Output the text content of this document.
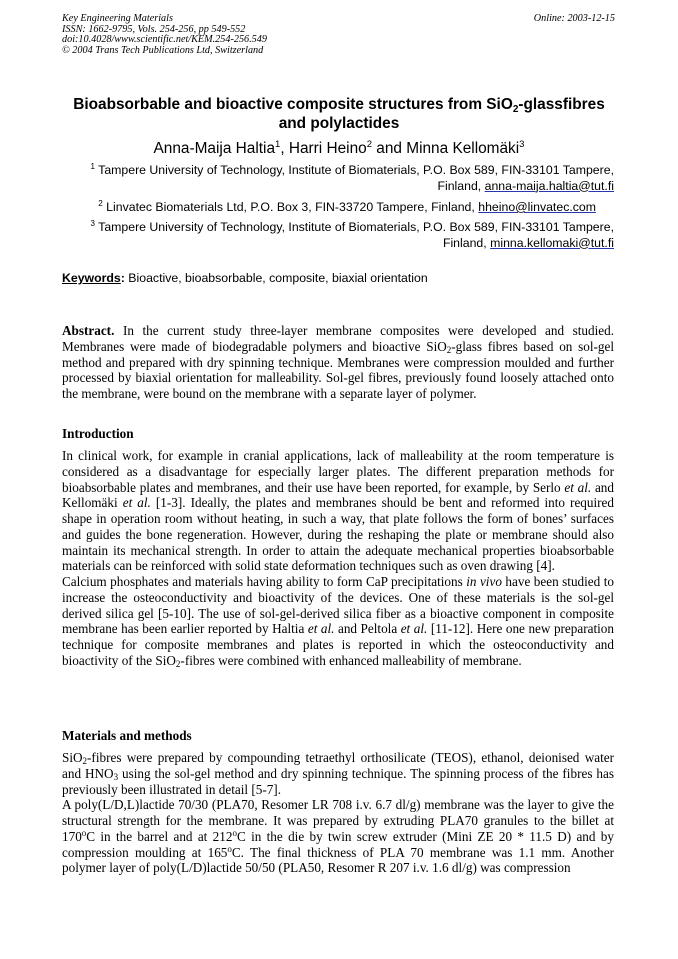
Key Engineering Materials
ISSN: 1662-9795, Vols. 254-256, pp 549-552
doi:10.4028/www.scientific.net/KEM.254-256.549
© 2004 Trans Tech Publications Ltd, Switzerland
Online: 2003-12-15
Bioabsorbable and bioactive composite structures from SiO$_2$-glassfibres and polylactides
Anna-Maija Haltia$^1$, Harri Heino$^2$ and Minna Kellomäki$^3$
$^1$ Tampere University of Technology, Institute of Biomaterials, P.O. Box 589, FIN-33101 Tampere, Finland, anna-maija.haltia@tut.fi
$^2$ Linvatec Biomaterials Ltd, P.O. Box 3, FIN-33720 Tampere, Finland, hheino@linvatec.com
$^3$ Tampere University of Technology, Institute of Biomaterials, P.O. Box 589, FIN-33101 Tampere, Finland, minna.kellomaki@tut.fi
Keywords: Bioactive, bioabsorbable, composite, biaxial orientation

Abstract. In the current study three-layer membrane composites were developed and studied. Membranes were made of biodegradable polymers and bioactive SiO$_2$-glass fibres based on sol-gel method and prepared with dry spinning technique. Membranes were compression moulded and further processed by biaxial orientation for malleability. Sol-gel fibres, previously found loosely attached onto the membrane, were bound on the membrane with a separate layer of polymer.

Introduction

In clinical work, for example in cranial applications, lack of malleability at the room temperature is considered as a disadvantage for especially larger plates. The different preparation methods for bioabsorbable plates and membranes, and their use have been reported, for example, by Serlo et al. and Kellomäki et al. [1-3]. Ideally, the plates and membranes should be bent and reformed into required shape in operation room without heating, in such a way, that plate follows the form of bones’ surfaces and guides the bone regeneration. However, during the reshaping the plate or membrane should also maintain its mechanical strength. In order to attain the adequate mechanical properties bioabsorbable materials can be reinforced with solid state deformation techniques such as oven drawing [4].

Calcium phosphates and materials having ability to form CaP precipitations in vivo have been studied to increase the osteoconductivity and bioactivity of the devices. One of these materials is the sol-gel derived silica gel [5-10]. The use of sol-gel-derived silica fiber as a bioactive component in composite membrane has been earlier reported by Haltia et al. and Peltola et al. [11-12]. Here one new preparation technique for composite membranes and plates is reported in which the osteoconductivity and bioactivity of the SiO$_2$-fibres were combined with enhanced malleability of membrane.

Materials and methods

SiO$_2$-fibres were prepared by compounding tetraethyl orthosilicate (TEOS), ethanol, deionised water and $HNO_3$ using the sol-gel method and dry spinning technique. The spinning process of the fibres has previously been illustrated in detail [5-7].

A poly(L/D,L)lactide 70/30 (PLA70, Resomer LR 708 i.v. 6.7 dl/g) membrane was the layer to give the structural strength for the membrane. It was prepared by extruding PLA70 granules to the billet at 170$^o$C in the barrel and at 212$^o$C in the die by twin screw extruder (Mini ZE 20 * 11.5 D) and by compression moulding at 165$^o$C. The final thickness of PLA 70 membrane was 1.1 mm. Another polymer layer of poly(L/D)lactide 50/50 (PLA50, Resomer R 207 i.v. 1.6 dl/g) was compression
